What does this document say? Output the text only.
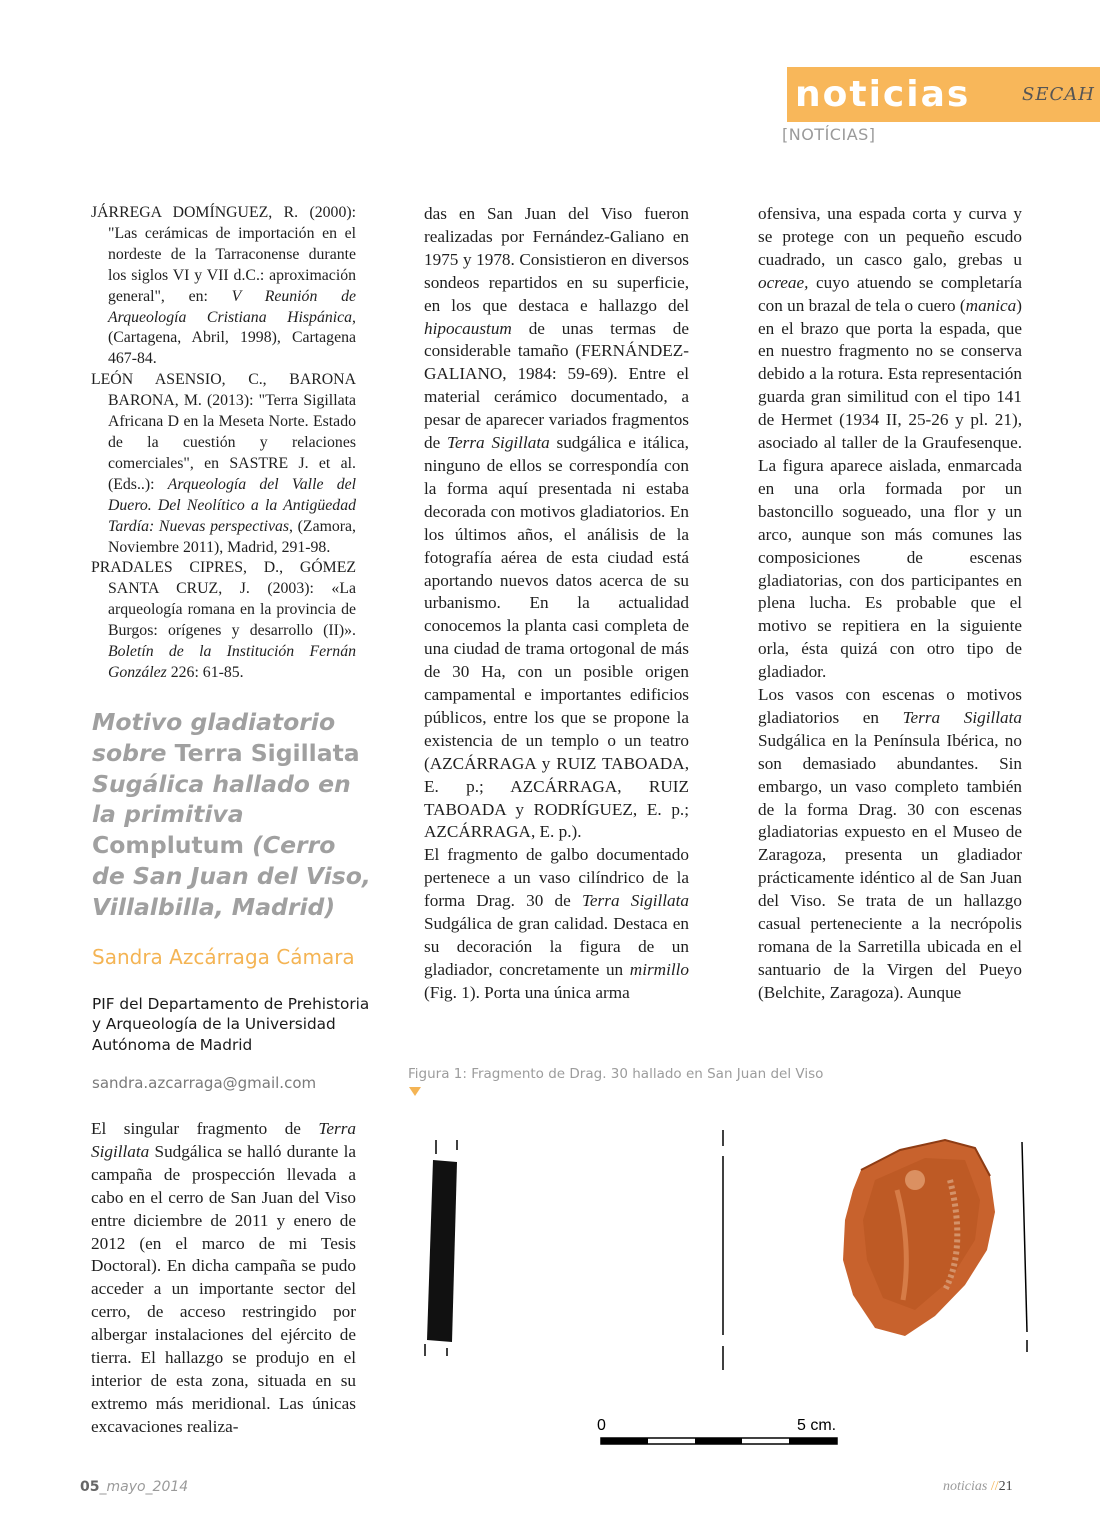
noticias	SECAH
[NOTÍCIAS]

JÁRREGA DOMÍNGUEZ, R. (2000): "Las cerámicas de importación en el nordeste de la Tarraconense durante los siglos VI y VII d.C.: aproximación general", en: V Reunión de Arqueología Cristiana Hispánica, (Cartagena, Abril, 1998), Cartagena 467-84.

LEÓN ASENSIO, C., BARONA BARONA, M. (2013): "Terra Sigillata Africana D en la Meseta Norte. Estado de la cuestión y relaciones comerciales", en SASTRE J. et al. (Eds..): Arqueología del Valle del Duero. Del Neolítico a la Antigüedad Tardía: Nuevas perspectivas, (Zamora, Noviembre 2011), Madrid, 291-98.

PRADALES CIPRES, D., GÓMEZ SANTA CRUZ, J. (2003): «La arqueología romana en la provincia de Burgos: orígenes y desarrollo (II)». Boletín de la Institución Fernán González 226: 61-85.

Motivo gladiatorio sobre Terra Sigillata Sugálica hallado en la primitiva Complutum (Cerro de San Juan del Viso, Villalbilla, Madrid)
Sandra Azcárraga Cámara
PIF del Departamento de Prehistoria y Arqueología de la Universidad Autónoma de Madrid
sandra.azcarraga@gmail.com

El singular fragmento de Terra Sigillata Sudgálica se halló durante la campaña de prospección llevada a cabo en el cerro de San Juan del Viso entre diciembre de 2011 y enero de 2012 (en el marco de mi Tesis Doctoral). En dicha campaña se pudo acceder a un importante sector del cerro, de acceso restringido por albergar instalaciones del ejército de tierra. El hallazgo se produjo en el interior de esta zona, situada en su extremo más meridional. Las únicas excavaciones realiza-

das en San Juan del Viso fueron realizadas por Fernández-Galiano en 1975 y 1978. Consistieron en diversos sondeos repartidos en su superficie, en los que destaca e hallazgo del hipocaustum de unas termas de considerable tamaño (FERNÁNDEZ-GALIANO, 1984: 59-69). Entre el material cerámico documentado, a pesar de aparecer variados fragmentos de Terra Sigillata sudgálica e itálica, ninguno de ellos se correspondía con la forma aquí presentada ni estaba decorada con motivos gladiatorios. En los últimos años, el análisis de la fotografía aérea de esta ciudad está aportando nuevos datos acerca de su urbanismo. En la actualidad conocemos la planta casi completa de una ciudad de trama ortogonal de más de 30 Ha, con un posible origen campamental e importantes edificios públicos, entre los que se propone la existencia de un templo o un teatro (AZCÁRRAGA y RUIZ TABOADA, E. p.; AZCÁRRAGA, RUIZ TABOADA y RODRÍGUEZ, E. p.; AZCÁRRAGA, E. p.).

El fragmento de galbo documentado pertenece a un vaso cilíndrico de la forma Drag. 30 de Terra Sigillata Sudgálica de gran calidad. Destaca en su decoración la figura de un gladiador, concretamente un mirmillo (Fig. 1). Porta una única arma

ofensiva, una espada corta y curva y se protege con un pequeño escudo cuadrado, un casco galo, grebas u ocreae, cuyo atuendo se completaría con un brazal de tela o cuero (manica) en el brazo que porta la espada, que en nuestro fragmento no se conserva debido a la rotura. Esta representación guarda gran similitud con el tipo 141 de Hermet (1934 II, 25-26 y pl. 21), asociado al taller de la Graufesenque. La figura aparece aislada, enmarcada en una orla formada por un bastoncillo sogueado, una flor y un arco, aunque son más comunes las composiciones de escenas gladiatorias, con dos participantes en plena lucha. Es probable que el motivo se repitiera en la siguiente orla, ésta quizá con otro tipo de gladiador.

Los vasos con escenas o motivos gladiatorios en Terra Sigillata Sudgálica en la Península Ibérica, no son demasiado abundantes. Sin embargo, un vaso completo también de la forma Drag. 30 con escenas gladiatorias expuesto en el Museo de Zaragoza, presenta un gladiador prácticamente idéntico al de San Juan del Viso. Se trata de un hallazgo casual perteneciente a la necrópolis romana de la Sarretilla ubicada en el santuario de la Virgen del Pueyo (Belchite, Zaragoza). Aunque

Figura 1: Fragmento de Drag. 30 hallado en San Juan del Viso
0	5 cm.
05_mayo_2014	noticias //21
